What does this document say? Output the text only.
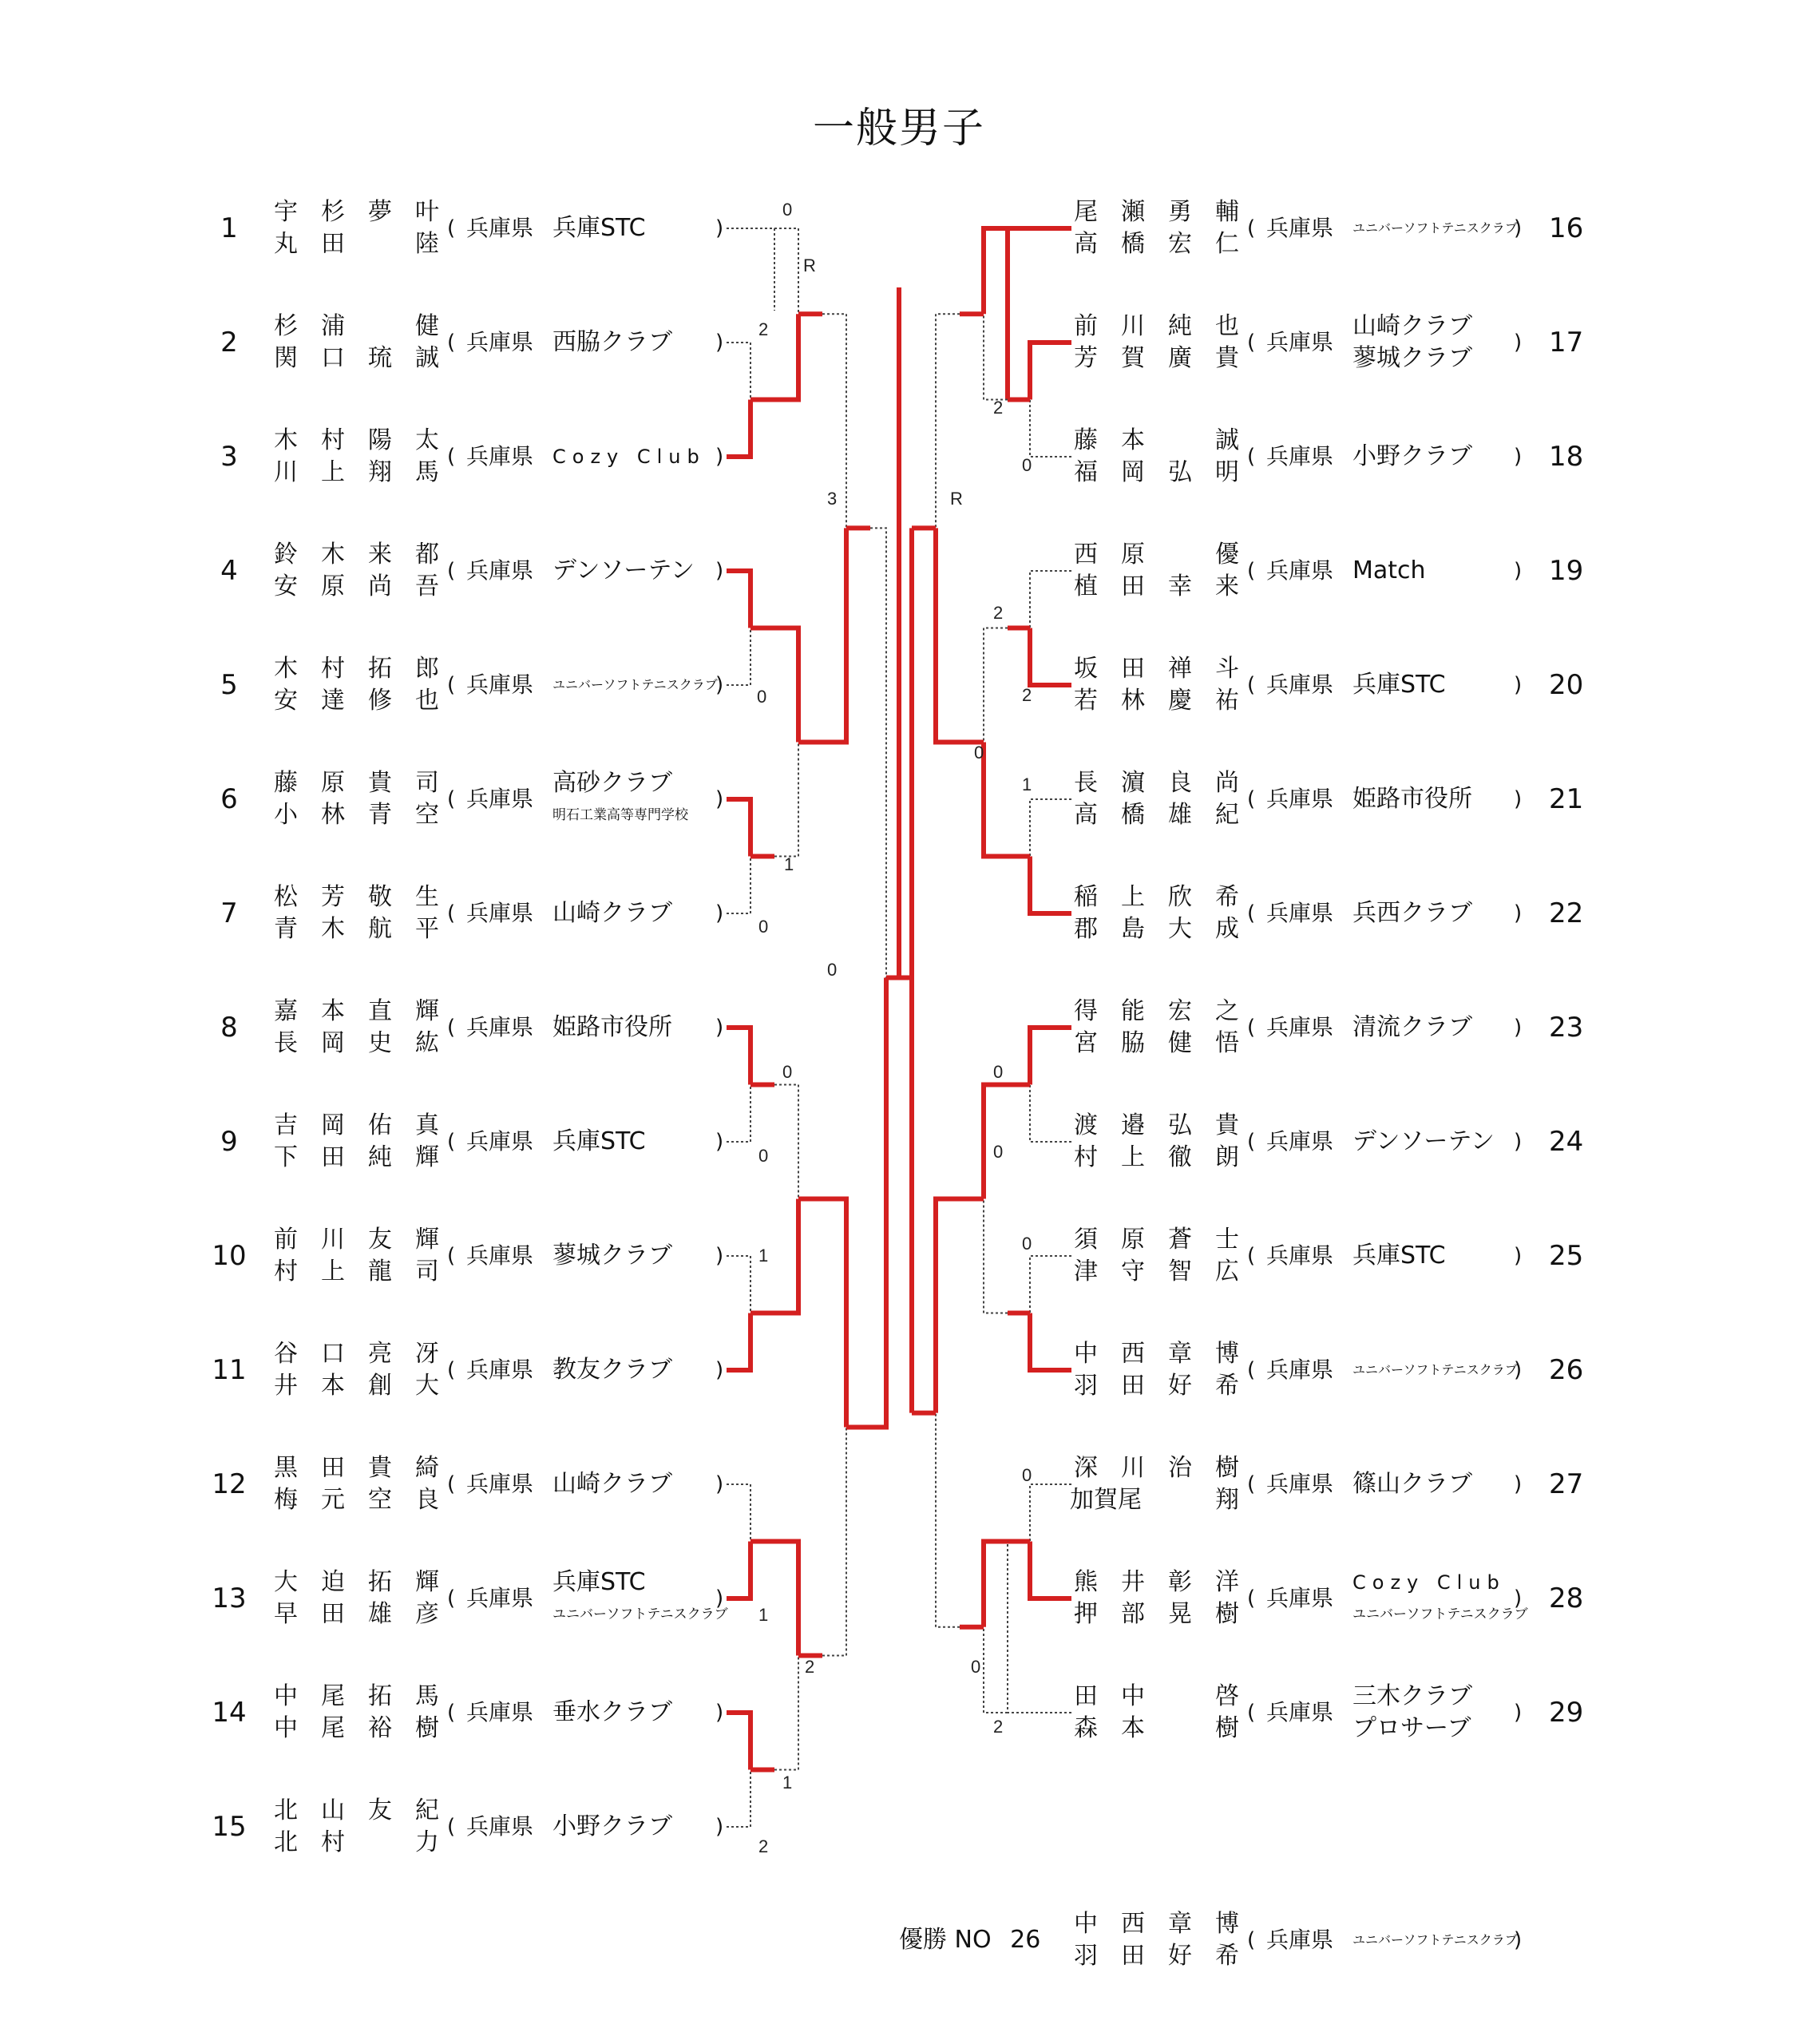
一般男子
0
R
2
3
0
1
0
0
0
0
1
1
2
1
2
2
0
R
2
2
0
1
0
0
0
0
0
2
1
宇 杉 夢 叶
丸 田	陸
( 兵庫県 兵庫STC	)
2
杉 浦	健
関 口 琉 誠
( 兵庫県 西脇クラブ	)
3
木 村 陽 太
川 上 翔 馬
( 兵庫県 Cozy Club )
4
鈴 木 来 都
安 原 尚 吾
( 兵庫県 デンソーテン	)
5
木 村 拓 郎
安 達 修 也
( 兵庫県 ユニバーソフトテニスクラブ
)
6
藤 原 貴 司
小 林 青 空
( 兵庫県
高砂クラブ
明石工業高等専門学校
)
7
松 芳 敬 生
青 木 航 平
( 兵庫県 山崎クラブ	)
8
嘉 本 直 輝
長 岡 史 紘
( 兵庫県 姫路市役所	)
9
吉 岡 佑 真
下 田 純 輝
( 兵庫県 兵庫STC	)
10
前 川 友 輝
村 上 龍 司
( 兵庫県 蓼城クラブ	)
11
谷 口 亮 冴
井 本 創 大
( 兵庫県 教友クラブ	)
12
黒 田 貴 綺
梅 元 空 良
( 兵庫県 山崎クラブ	)
13
大 迫 拓 輝
早 田 雄 彦
( 兵庫県
兵庫STC
ユニバーソフトテニスクラブ
)
14
中 尾 拓 馬
中 尾 裕 樹
( 兵庫県 垂水クラブ	)
15
北 山 友 紀
北 村	力
( 兵庫県 小野クラブ	)
16
尾 瀬 勇 輔
高 橋 宏 仁
( 兵庫県 ユニバーソフトテニスクラブ
)
17
前 川 純 也
芳 賀 廣 貴
( 兵庫県
山崎クラブ
蓼城クラブ
)
18
藤 本	誠
福 岡 弘 明
( 兵庫県 小野クラブ	)
19
西 原	優
植 田 幸 来
( 兵庫県 Match	)
20
坂 田 禅 斗
若 林 慶 祐
( 兵庫県 兵庫STC	)
21
長 濵 良 尚
高 橋 雄 紀
( 兵庫県 姫路市役所	)
22
稲 上 欣 希
郡 島 大 成
( 兵庫県 兵西クラブ	)
23
得 能 宏 之
宮 脇 健 悟
( 兵庫県 清流クラブ	)
24
渡 邉 弘 貴
村 上 徹 朗
( 兵庫県 デンソーテン )
25
須 原 蒼 士
津 守 智 広
( 兵庫県 兵庫STC	)
26
中 西 章 博
羽 田 好 希
( 兵庫県 ユニバーソフトテニスクラブ
)
27
深 川 治 樹
加賀尾	翔
( 兵庫県 篠山クラブ	)
28
熊 井 彰 洋
押 部 晃 樹
( 兵庫県
Cozy Club
ユニバーソフトテニスクラブ
)
29
田 中	啓
森 本	樹
( 兵庫県
三木クラブ
プロサーブ
)
優勝 NO 26
中 西 章 博
羽 田 好 希
( 兵庫県 ユニバーソフトテニスクラブ
)
